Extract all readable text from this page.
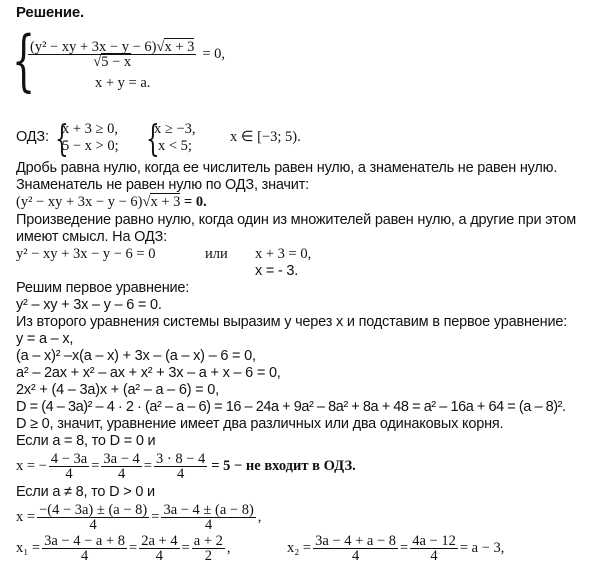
Решение.
{
$\frac{\text{(y² − xy + 3x − y − 6)√x + 3}}{√5 - x} = 0$,
x + y = a.
ОДЗ: {
x + 3 ≥ 0,
5 − x > 0; {
x ≥ −3,
x < 5;
x ∈ [−3; 5).
Дробь равна нулю, когда ее числитель равен нулю, а знаменатель не равен нулю.
Знаменатель не равен нулю по ОДЗ, значит:
(y² − xy + 3x − y − 6)√x + 3 = 0.
Произведение равно нулю, когда один из множителей равен нулю, а другие при этом
имеют смысл. На ОДЗ:
y² − xy + 3x − y − 6 = 0	или x + 3 = 0,
x = - 3.
Решим первое уравнение:
y² – xy + 3x – y – 6 = 0.
Из второго уравнения системы выразим y через x и подставим в первое уравнение:
y = a – x,
(a – x)² –x(a – x) + 3x – (a – x) – 6 = 0,
a² – 2ax + x² – ax + x² + 3x – a + x – 6 = 0,
2x² + (4 – 3a)x + (a² – a – 6) = 0,
D = (4 – 3a)² – 4 · 2 · (a² – a – 6) = 16 – 24a + 9a² – 8a² + 8a + 48 = a² – 16a + 64 = (a – 8)².
D ≥ 0, значит, уравнение имеет два различных или два одинаковых корня.
Если a = 8, то D = 0 и
x = − $\frac{4 - 3a}{4} = \frac{3a - 4}{4} = \frac{3 \cdot 8 - 4}{4} = 5$ − не входит в ОДЗ.
Если a ≠ 8, то D > 0 и
$x = \frac{-(4 - 3a) \pm (a - 8)}{4} = \frac{3a - 4 \pm (a - 8)}{4}$ ,
$x_1 = \frac{3a - 4 - a + 8}{4} = \frac{2a + 4}{4} = \frac{a + 2}{2}$ ,	$x_2 = \frac{3a - 4 + a - 8}{4} = \frac{4a - 12}{4} = a - 3$,
